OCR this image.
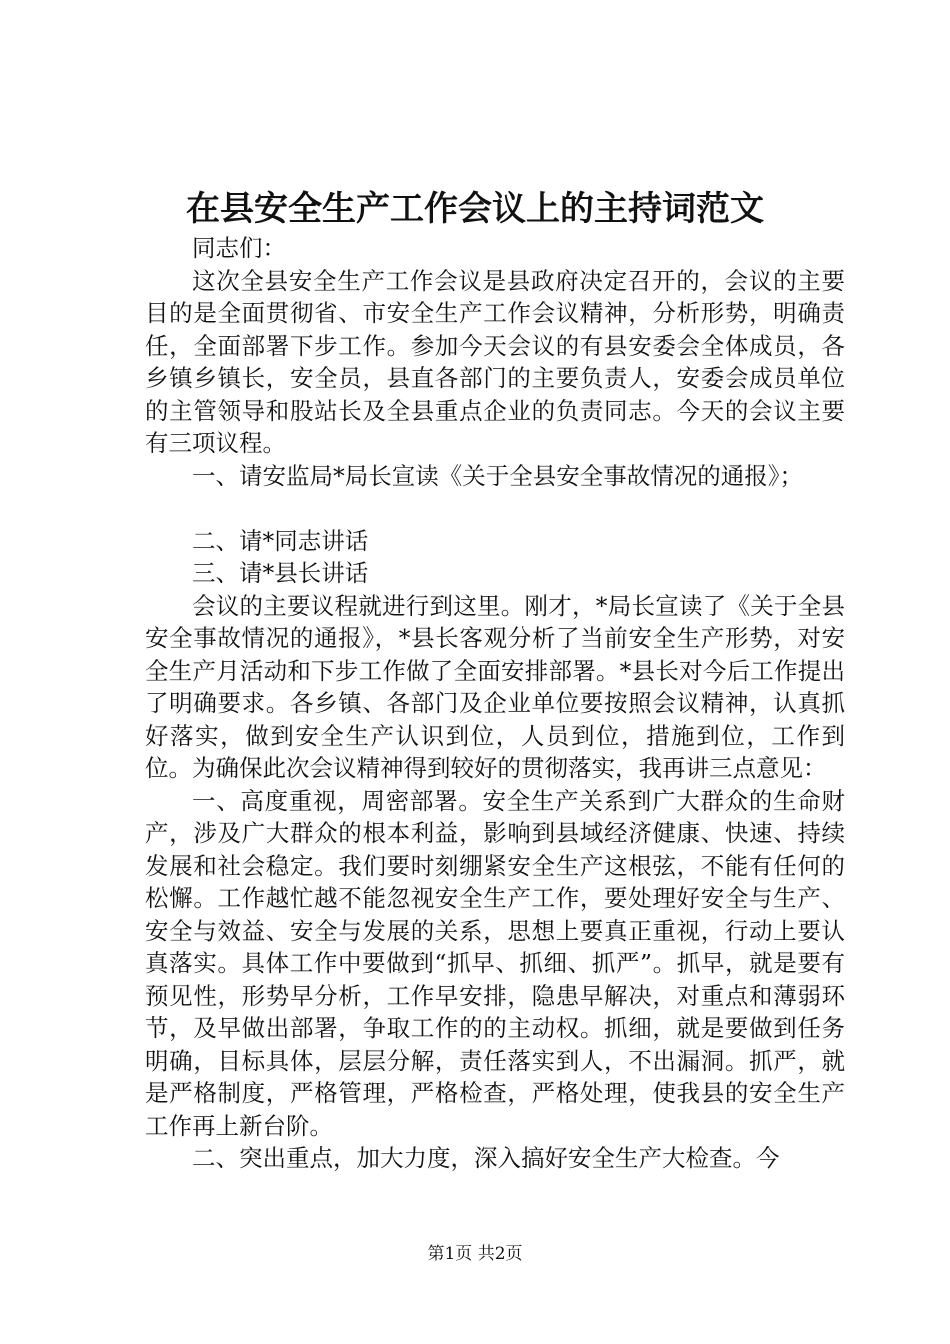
在县安全生产工作会议上的主持词范文

同志们：

这次全县安全生产工作会议是县政府决定召开的，会议的主要目的是全面贯彻省、市安全生产工作会议精神，分析形势，明确责任，全面部署下步工作。参加今天会议的有县安委会全体成员，各乡镇乡镇长，安全员，县直各部门的主要负责人，安委会成员单位的主管领导和股站长及全县重点企业的负责同志。今天的会议主要有三项议程。

一、请安监局*局长宣读《关于全县安全事故情况的通报》；

二、请*同志讲话

三、请*县长讲话

会议的主要议程就进行到这里。刚才，*局长宣读了《关于全县安全事故情况的通报》，*县长客观分析了当前安全生产形势，对安全生产月活动和下步工作做了全面安排部署。*县长对今后工作提出了明确要求。各乡镇、各部门及企业单位要按照会议精神，认真抓好落实，做到安全生产认识到位，人员到位，措施到位，工作到位。为确保此次会议精神得到较好的贯彻落实，我再讲三点意见：

一、高度重视，周密部署。安全生产关系到广大群众的生命财产，涉及广大群众的根本利益，影响到县域经济健康、快速、持续发展和社会稳定。我们要时刻绷紧安全生产这根弦，不能有任何的松懈。工作越忙越不能忽视安全生产工作，要处理好安全与生产、安全与效益、安全与发展的关系，思想上要真正重视，行动上要认真落实。具体工作中要做到“抓早、抓细、抓严”。抓早，就是要有预见性，形势早分析，工作早安排，隐患早解决，对重点和薄弱环节，及早做出部署，争取工作的的主动权。抓细，就是要做到任务明确，目标具体，层层分解，责任落实到人，不出漏洞。抓严，就是严格制度，严格管理，严格检查，严格处理，使我县的安全生产工作再上新台阶。

二、突出重点，加大力度，深入搞好安全生产大检查。今

第1页 共2页
